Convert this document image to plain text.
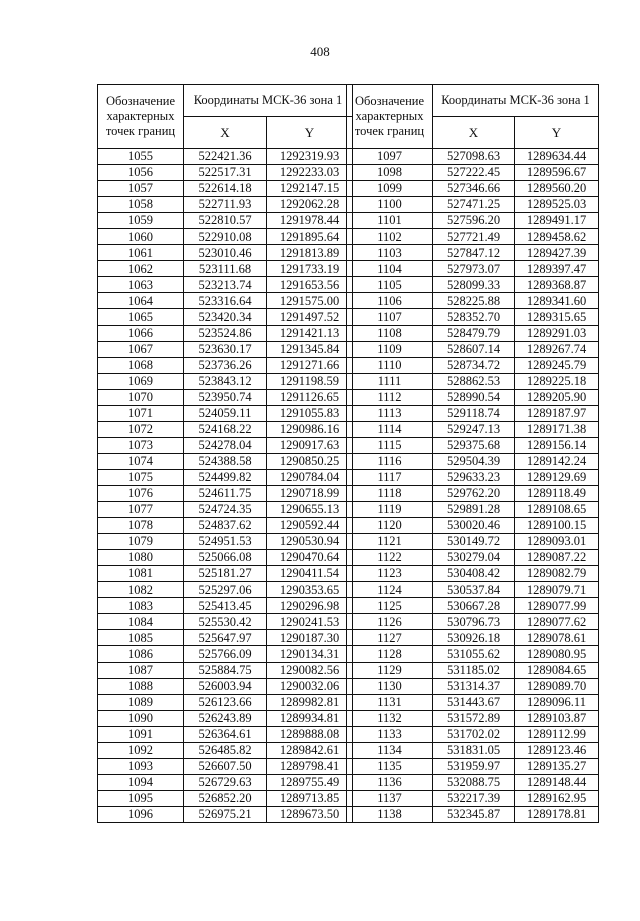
408
Обозначение характерных точек границ	Координаты МСК-36 зона 1	
	X	Y
1055	522421.36	1292319.93
1056	522517.31	1292233.03
1057	522614.18	1292147.15
1058	522711.93	1292062.28
1059	522810.57	1291978.44
1060	522910.08	1291895.64
1061	523010.46	1291813.89
1062	523111.68	1291733.19
1063	523213.74	1291653.56
1064	523316.64	1291575.00
1065	523420.34	1291497.52
1066	523524.86	1291421.13
1067	523630.17	1291345.84
1068	523736.26	1291271.66
1069	523843.12	1291198.59
1070	523950.74	1291126.65
1071	524059.11	1291055.83
1072	524168.22	1290986.16
1073	524278.04	1290917.63
1074	524388.58	1290850.25
1075	524499.82	1290784.04
1076	524611.75	1290718.99
1077	524724.35	1290655.13
1078	524837.62	1290592.44
1079	524951.53	1290530.94
1080	525066.08	1290470.64
1081	525181.27	1290411.54
1082	525297.06	1290353.65
1083	525413.45	1290296.98
1084	525530.42	1290241.53
1085	525647.97	1290187.30
1086	525766.09	1290134.31
1087	525884.75	1290082.56
1088	526003.94	1290032.06
1089	526123.66	1289982.81
1090	526243.89	1289934.81
1091	526364.61	1289888.08
1092	526485.82	1289842.61
1093	526607.50	1289798.41
1094	526729.63	1289755.49
1095	526852.20	1289713.85
1096	526975.21	1289673.50
Обозначение характерных точек границ	Координаты МСК-36 зона 1	
	X	Y
1097	527098.63	1289634.44
1098	527222.45	1289596.67
1099	527346.66	1289560.20
1100	527471.25	1289525.03
1101	527596.20	1289491.17
1102	527721.49	1289458.62
1103	527847.12	1289427.39
1104	527973.07	1289397.47
1105	528099.33	1289368.87
1106	528225.88	1289341.60
1107	528352.70	1289315.65
1108	528479.79	1289291.03
1109	528607.14	1289267.74
1110	528734.72	1289245.79
1111	528862.53	1289225.18
1112	528990.54	1289205.90
1113	529118.74	1289187.97
1114	529247.13	1289171.38
1115	529375.68	1289156.14
1116	529504.39	1289142.24
1117	529633.23	1289129.69
1118	529762.20	1289118.49
1119	529891.28	1289108.65
1120	530020.46	1289100.15
1121	530149.72	1289093.01
1122	530279.04	1289087.22
1123	530408.42	1289082.79
1124	530537.84	1289079.71
1125	530667.28	1289077.99
1126	530796.73	1289077.62
1127	530926.18	1289078.61
1128	531055.62	1289080.95
1129	531185.02	1289084.65
1130	531314.37	1289089.70
1131	531443.67	1289096.11
1132	531572.89	1289103.87
1133	531702.02	1289112.99
1134	531831.05	1289123.46
1135	531959.97	1289135.27
1136	532088.75	1289148.44
1137	532217.39	1289162.95
1138	532345.87	1289178.81
